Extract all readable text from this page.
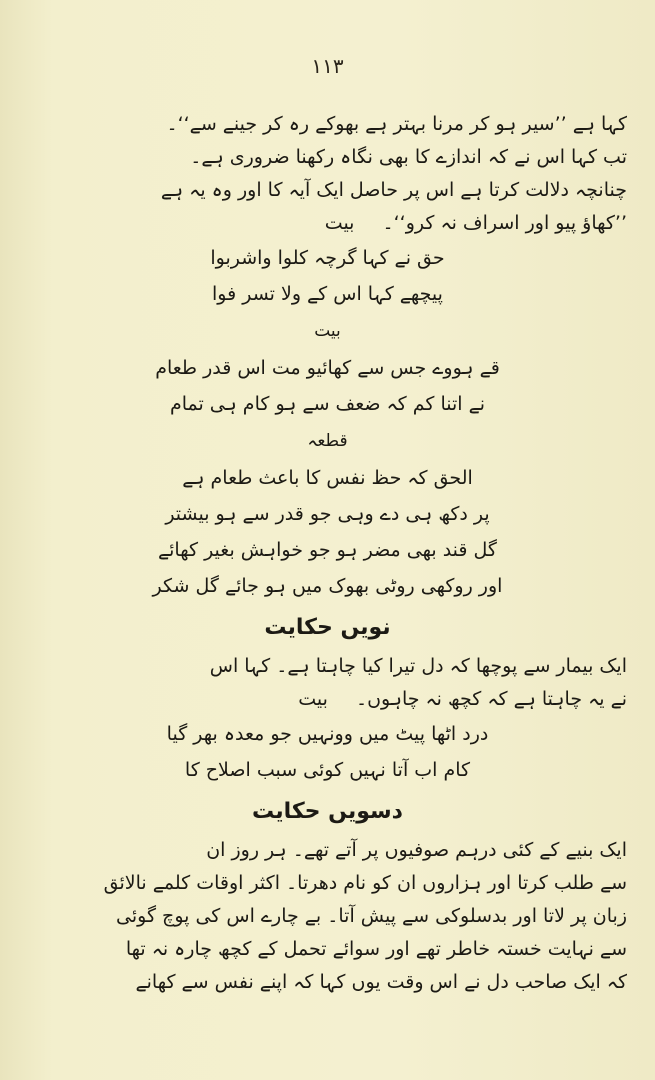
١١٣

کہا ہے ’’سیر ہو کر مرنا بہتر ہے بھوکے رہ کر جینے سے‘‘۔
تب کہا اس نے کہ اندازے کا بھی نگاہ رکھنا ضروری ہے۔
چنانچہ دلالت کرتا ہے اس پر حاصل ایک آیہ کا اور وہ یہ ہے
’’کھاؤ پیو اور اسراف نہ کرو‘‘۔بیت

حق نے کہا گرچہ کلوا واشربوا
پیچھے کہا اس کے ولا تسر فوا
بیت
قے ہووے جس سے کھائیو مت اس قدر طعام
نے اتنا کم کہ ضعف سے ہو کام ہی تمام
قطعہ
الحق کہ حظ نفس کا باعث طعام ہے
پر دکھ ہی دے وہی جو قدر سے ہو بیشتر
گل قند بھی مضر ہو جو خواہش بغیر کھائے
اور روکھی روٹی بھوک میں ہو جائے گل شکر
نویں حکایت

ایک بیمار سے پوچھا کہ دل تیرا کیا چاہتا ہے۔ کہا اس
نے یہ چاہتا ہے کہ کچھ نہ چاہوں۔بیت

درد اٹھا پیٹ میں وونہیں جو معدہ بھر گیا
کام اب آتا نہیں کوئی سبب اصلاح کا
دسویں حکایت

ایک بنیے کے کئی درہم صوفیوں پر آتے تھے۔ ہر روز ان
سے طلب کرتا اور ہزاروں ان کو نام دھرتا۔ اکثر اوقات کلمے نالائق
زبان پر لاتا اور بدسلوکی سے پیش آتا۔ بے چارے اس کی پوچ گوئی
سے نہایت خستہ خاطر تھے اور سوائے تحمل کے کچھ چارہ نہ تھا
کہ ایک صاحب دل نے اس وقت یوں کہا کہ اپنے نفس سے کھانے
